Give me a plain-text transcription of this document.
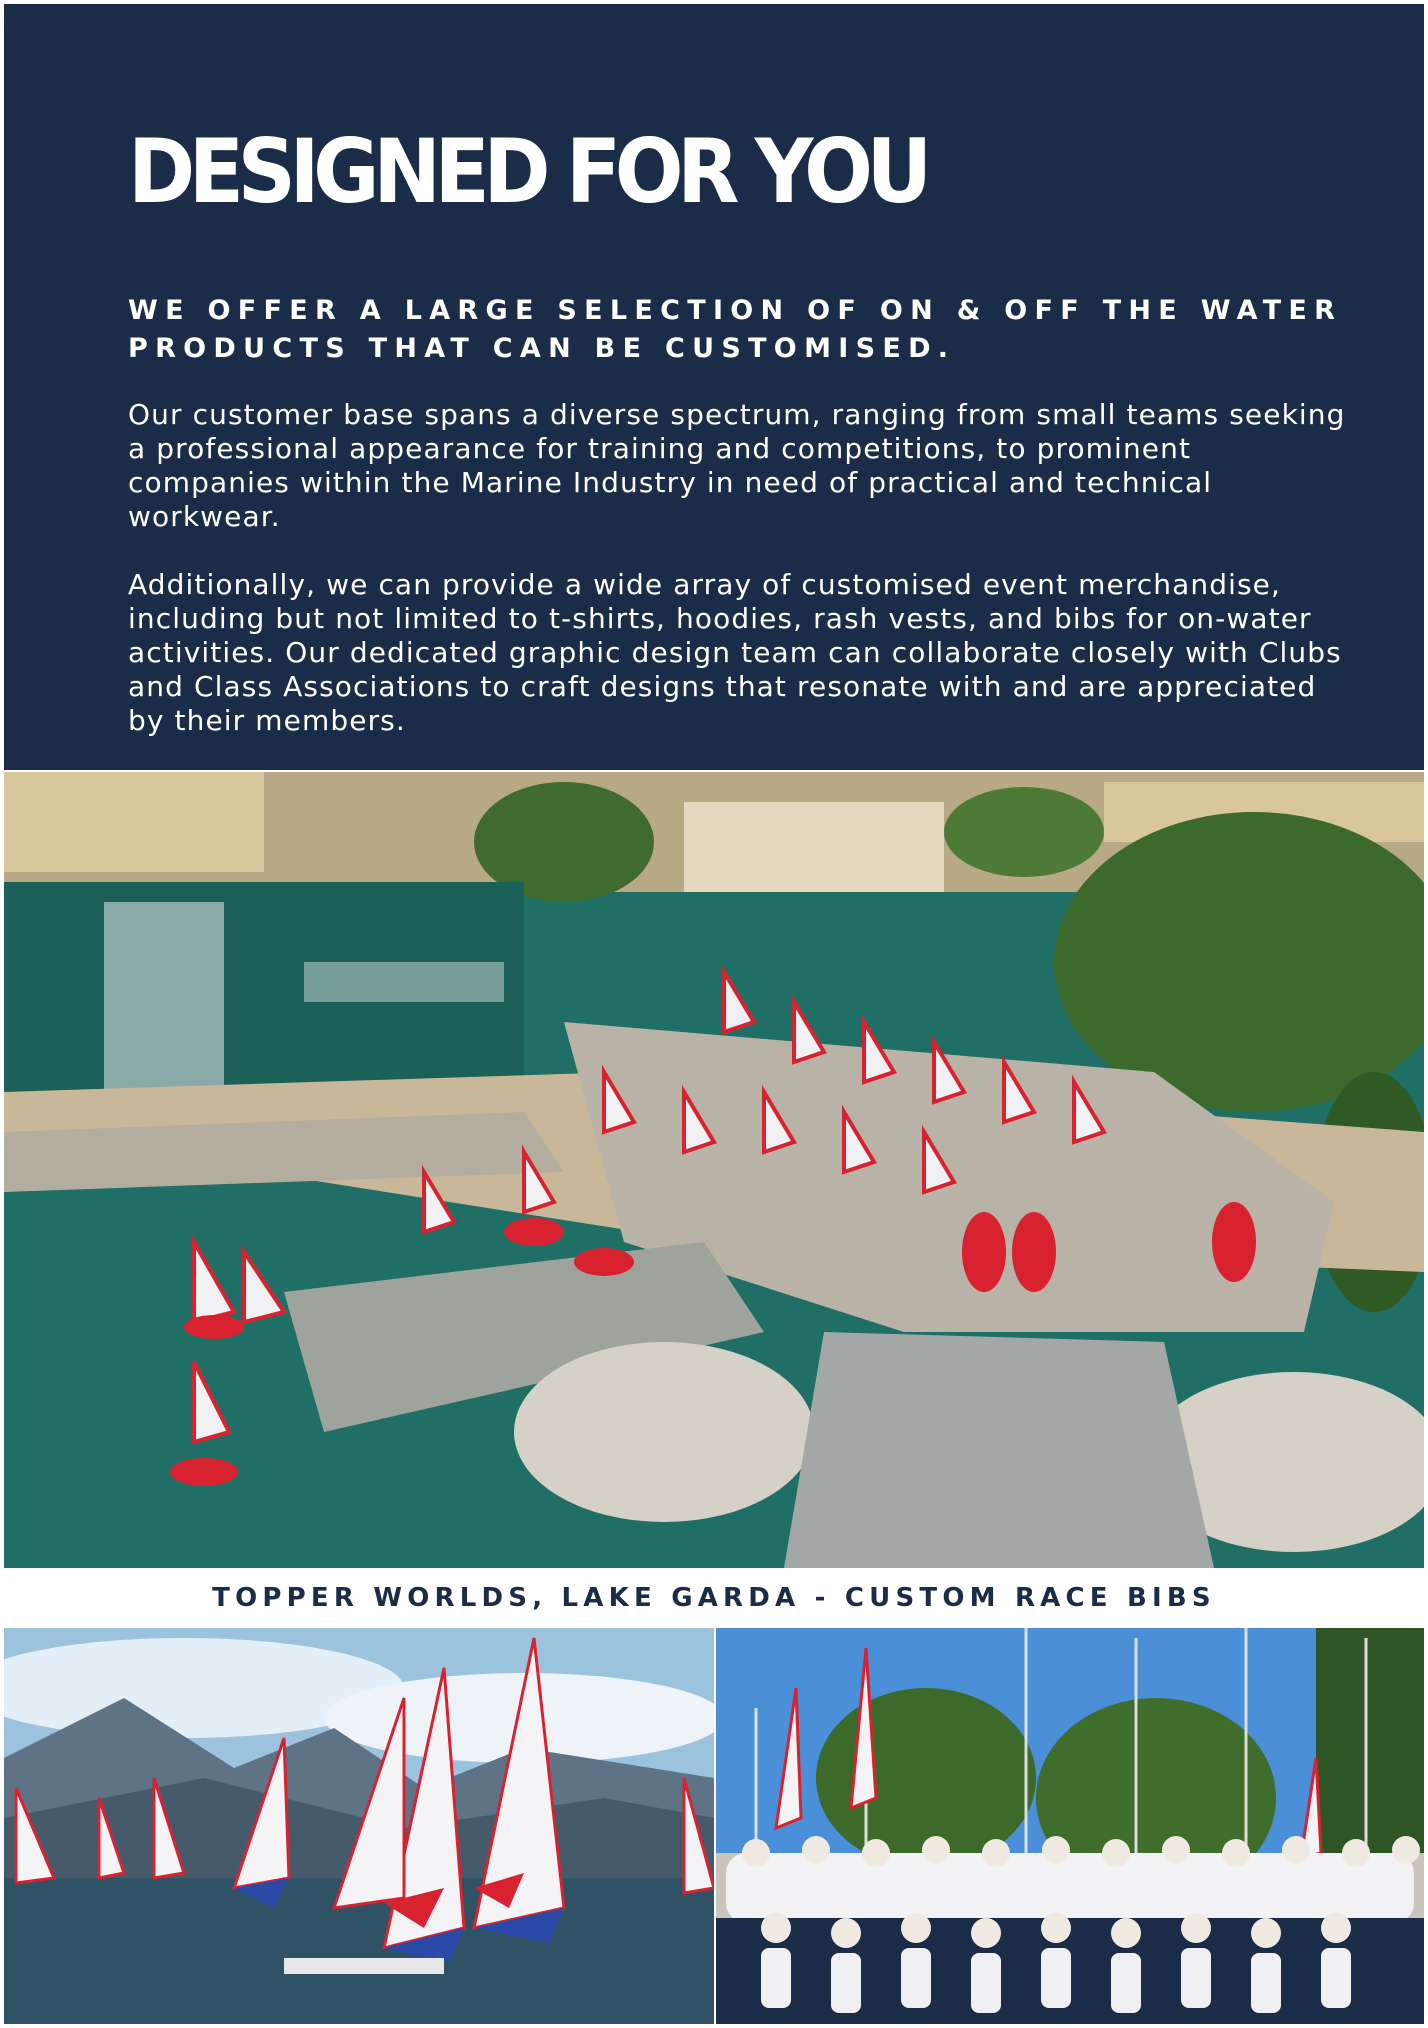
DESIGNED FOR YOU
WE OFFER A LARGE SELECTION OF ON & OFF THE WATER PRODUCTS THAT CAN BE CUSTOMISED.

Our customer base spans a diverse spectrum, ranging from small teams seeking a professional appearance for training and competitions, to prominent companies within the Marine Industry in need of practical and technical workwear.

Additionally, we can provide a wide array of customised event merchandise, including but not limited to t-shirts, hoodies, rash vests, and bibs for on-water activities. Our dedicated graphic design team can collaborate closely with Clubs and Class Associations to craft designs that resonate with and are appreciated by their members.

TOPPER WORLDS, LAKE GARDA - CUSTOM RACE BIBS
